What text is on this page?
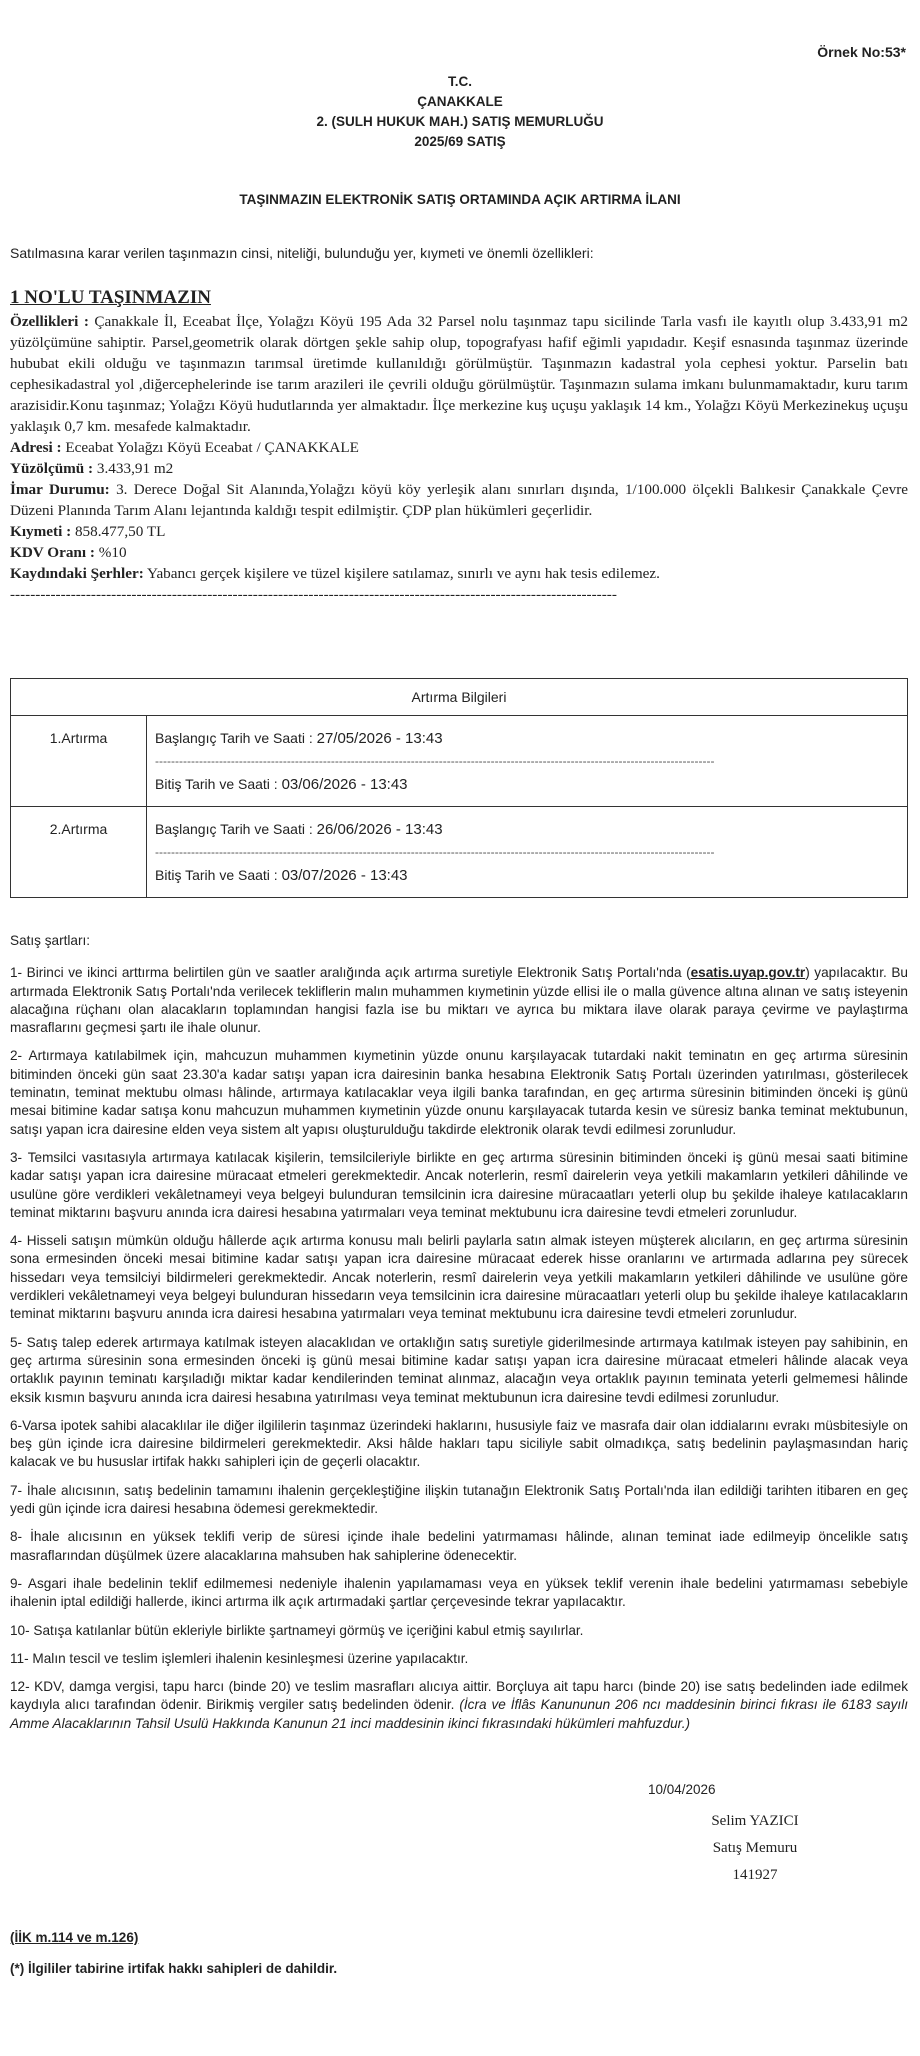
Örnek No:53*
T.C.
ÇANAKKALE
2. (SULH HUKUK MAH.) SATIŞ MEMURLUĞU
2025/69 SATIŞ
TAŞINMAZIN ELEKTRONİK SATIŞ ORTAMINDA AÇIK ARTIRMA İLANI
Satılmasına karar verilen taşınmazın cinsi, niteliği, bulunduğu yer, kıymeti ve önemli özellikleri:
1 NO'LU TAŞINMAZIN

Özellikleri : Çanakkale İl, Eceabat İlçe, Yolağzı Köyü 195 Ada 32 Parsel nolu taşınmaz tapu sicilinde Tarla vasfı ile kayıtlı olup 3.433,91 m2 yüzölçümüne sahiptir. Parsel,geometrik olarak dörtgen şekle sahip olup, topografyası hafif eğimli yapıdadır. Keşif esnasında taşınmaz üzerinde hububat ekili olduğu ve taşınmazın tarımsal üretimde kullanıldığı görülmüştür. Taşınmazın kadastral yola cephesi yoktur. Parselin batı cephesikadastral yol ,diğercephelerinde ise tarım arazileri ile çevrili olduğu görülmüştür. Taşınmazın sulama imkanı bulunmamaktadır, kuru tarım arazisidir.Konu taşınmaz; Yolağzı Köyü hudutlarında yer almaktadır. İlçe merkezine kuş uçuşu yaklaşık 14 km., Yolağzı Köyü Merkezinekuş uçuşu yaklaşık 0,7 km. mesafede kalmaktadır.

Adresi : Eceabat Yolağzı Köyü Eceabat / ÇANAKKALE

Yüzölçümü : 3.433,91 m2

İmar Durumu: 3. Derece Doğal Sit Alanında,Yolağzı köyü köy yerleşik alanı sınırları dışında, 1/100.000 ölçekli Balıkesir Çanakkale Çevre Düzeni Planında Tarım Alanı lejantında kaldığı tespit edilmiştir. ÇDP plan hükümleri geçerlidir.

Kıymeti : 858.477,50 TL

KDV Oranı : %10

Kaydındaki Şerhler: Yabancı gerçek kişilere ve tüzel kişilere satılamaz, sınırlı ve aynı hak tesis edilemez.

------------------------------------------------------------------------------------------------------------------------

Artırma Bilgileri	
1.Artırma	Başlangıç Tarih ve Saati : 27/05/2026 - 13:43
--------------------------------------------------------------------------------------------------------------------------------------------
Bitiş Tarih ve Saati : 03/06/2026 - 13:43

2.Artırma	Başlangıç Tarih ve Saati : 26/06/2026 - 13:43
--------------------------------------------------------------------------------------------------------------------------------------------
Bitiş Tarih ve Saati : 03/07/2026 - 13:43

Satış şartları:

1- Birinci ve ikinci arttırma belirtilen gün ve saatler aralığında açık artırma suretiyle Elektronik Satış Portalı'nda (esatis.uyap.gov.tr) yapılacaktır. Bu artırmada Elektronik Satış Portalı'nda verilecek tekliflerin malın muhammen kıymetinin yüzde ellisi ile o malla güvence altına alınan ve satış isteyenin alacağına rüçhanı olan alacakların toplamından hangisi fazla ise bu miktarı ve ayrıca bu miktara ilave olarak paraya çevirme ve paylaştırma masraflarını geçmesi şartı ile ihale olunur.

2- Artırmaya katılabilmek için, mahcuzun muhammen kıymetinin yüzde onunu karşılayacak tutardaki nakit teminatın en geç artırma süresinin bitiminden önceki gün saat 23.30'a kadar satışı yapan icra dairesinin banka hesabına Elektronik Satış Portalı üzerinden yatırılması, gösterilecek teminatın, teminat mektubu olması hâlinde, artırmaya katılacaklar veya ilgili banka tarafından, en geç artırma süresinin bitiminden önceki iş günü mesai bitimine kadar satışa konu mahcuzun muhammen kıymetinin yüzde onunu karşılayacak tutarda kesin ve süresiz banka teminat mektubunun, satışı yapan icra dairesine elden veya sistem alt yapısı oluşturulduğu takdirde elektronik olarak tevdi edilmesi zorunludur.

3- Temsilci vasıtasıyla artırmaya katılacak kişilerin, temsilcileriyle birlikte en geç artırma süresinin bitiminden önceki iş günü mesai saati bitimine kadar satışı yapan icra dairesine müracaat etmeleri gerekmektedir. Ancak noterlerin, resmî dairelerin veya yetkili makamların yetkileri dâhilinde ve usulüne göre verdikleri vekâletnameyi veya belgeyi bulunduran temsilcinin icra dairesine müracaatları yeterli olup bu şekilde ihaleye katılacakların teminat miktarını başvuru anında icra dairesi hesabına yatırmaları veya teminat mektubunu icra dairesine tevdi etmeleri zorunludur.

4- Hisseli satışın mümkün olduğu hâllerde açık artırma konusu malı belirli paylarla satın almak isteyen müşterek alıcıların, en geç artırma süresinin sona ermesinden önceki mesai bitimine kadar satışı yapan icra dairesine müracaat ederek hisse oranlarını ve artırmada adlarına pey sürecek hissedarı veya temsilciyi bildirmeleri gerekmektedir. Ancak noterlerin, resmî dairelerin veya yetkili makamların yetkileri dâhilinde ve usulüne göre verdikleri vekâletnameyi veya belgeyi bulunduran hissedarın veya temsilcinin icra dairesine müracaatları yeterli olup bu şekilde ihaleye katılacakların teminat miktarını başvuru anında icra dairesi hesabına yatırmaları veya teminat mektubunu icra dairesine tevdi etmeleri zorunludur.

5- Satış talep ederek artırmaya katılmak isteyen alacaklıdan ve ortaklığın satış suretiyle giderilmesinde artırmaya katılmak isteyen pay sahibinin, en geç artırma süresinin sona ermesinden önceki iş günü mesai bitimine kadar satışı yapan icra dairesine müracaat etmeleri hâlinde alacak veya ortaklık payının teminatı karşıladığı miktar kadar kendilerinden teminat alınmaz, alacağın veya ortaklık payının teminata yeterli gelmemesi hâlinde eksik kısmın başvuru anında icra dairesi hesabına yatırılması veya teminat mektubunun icra dairesine tevdi edilmesi zorunludur.

6-Varsa ipotek sahibi alacaklılar ile diğer ilgililerin taşınmaz üzerindeki haklarını, hususiyle faiz ve masrafa dair olan iddialarını evrakı müsbitesiyle on beş gün içinde icra dairesine bildirmeleri gerekmektedir. Aksi hâlde hakları tapu siciliyle sabit olmadıkça, satış bedelinin paylaşmasından hariç kalacak ve bu hususlar irtifak hakkı sahipleri için de geçerli olacaktır.

7- İhale alıcısının, satış bedelinin tamamını ihalenin gerçekleştiğine ilişkin tutanağın Elektronik Satış Portalı'nda ilan edildiği tarihten itibaren en geç yedi gün içinde icra dairesi hesabına ödemesi gerekmektedir.

8- İhale alıcısının en yüksek teklifi verip de süresi içinde ihale bedelini yatırmaması hâlinde, alınan teminat iade edilmeyip öncelikle satış masraflarından düşülmek üzere alacaklarına mahsuben hak sahiplerine ödenecektir.

9- Asgari ihale bedelinin teklif edilmemesi nedeniyle ihalenin yapılamaması veya en yüksek teklif verenin ihale bedelini yatırmaması sebebiyle ihalenin iptal edildiği hallerde, ikinci artırma ilk açık artırmadaki şartlar çerçevesinde tekrar yapılacaktır.

10- Satışa katılanlar bütün ekleriyle birlikte şartnameyi görmüş ve içeriğini kabul etmiş sayılırlar.

11- Malın tescil ve teslim işlemleri ihalenin kesinleşmesi üzerine yapılacaktır.

12- KDV, damga vergisi, tapu harcı (binde 20) ve teslim masrafları alıcıya aittir. Borçluya ait tapu harcı (binde 20) ise satış bedelinden iade edilmek kaydıyla alıcı tarafından ödenir. Birikmiş vergiler satış bedelinden ödenir. (İcra ve İflâs Kanununun 206 ncı maddesinin birinci fıkrası ile 6183 sayılı Amme Alacaklarının Tahsil Usulü Hakkında Kanunun 21 inci maddesinin ikinci fıkrasındaki hükümleri mahfuzdur.)

10/04/2026
Selim YAZICI
Satış Memuru
141927
(İİK m.114 ve m.126)
(*) İlgililer tabirine irtifak hakkı sahipleri de dahildir.
